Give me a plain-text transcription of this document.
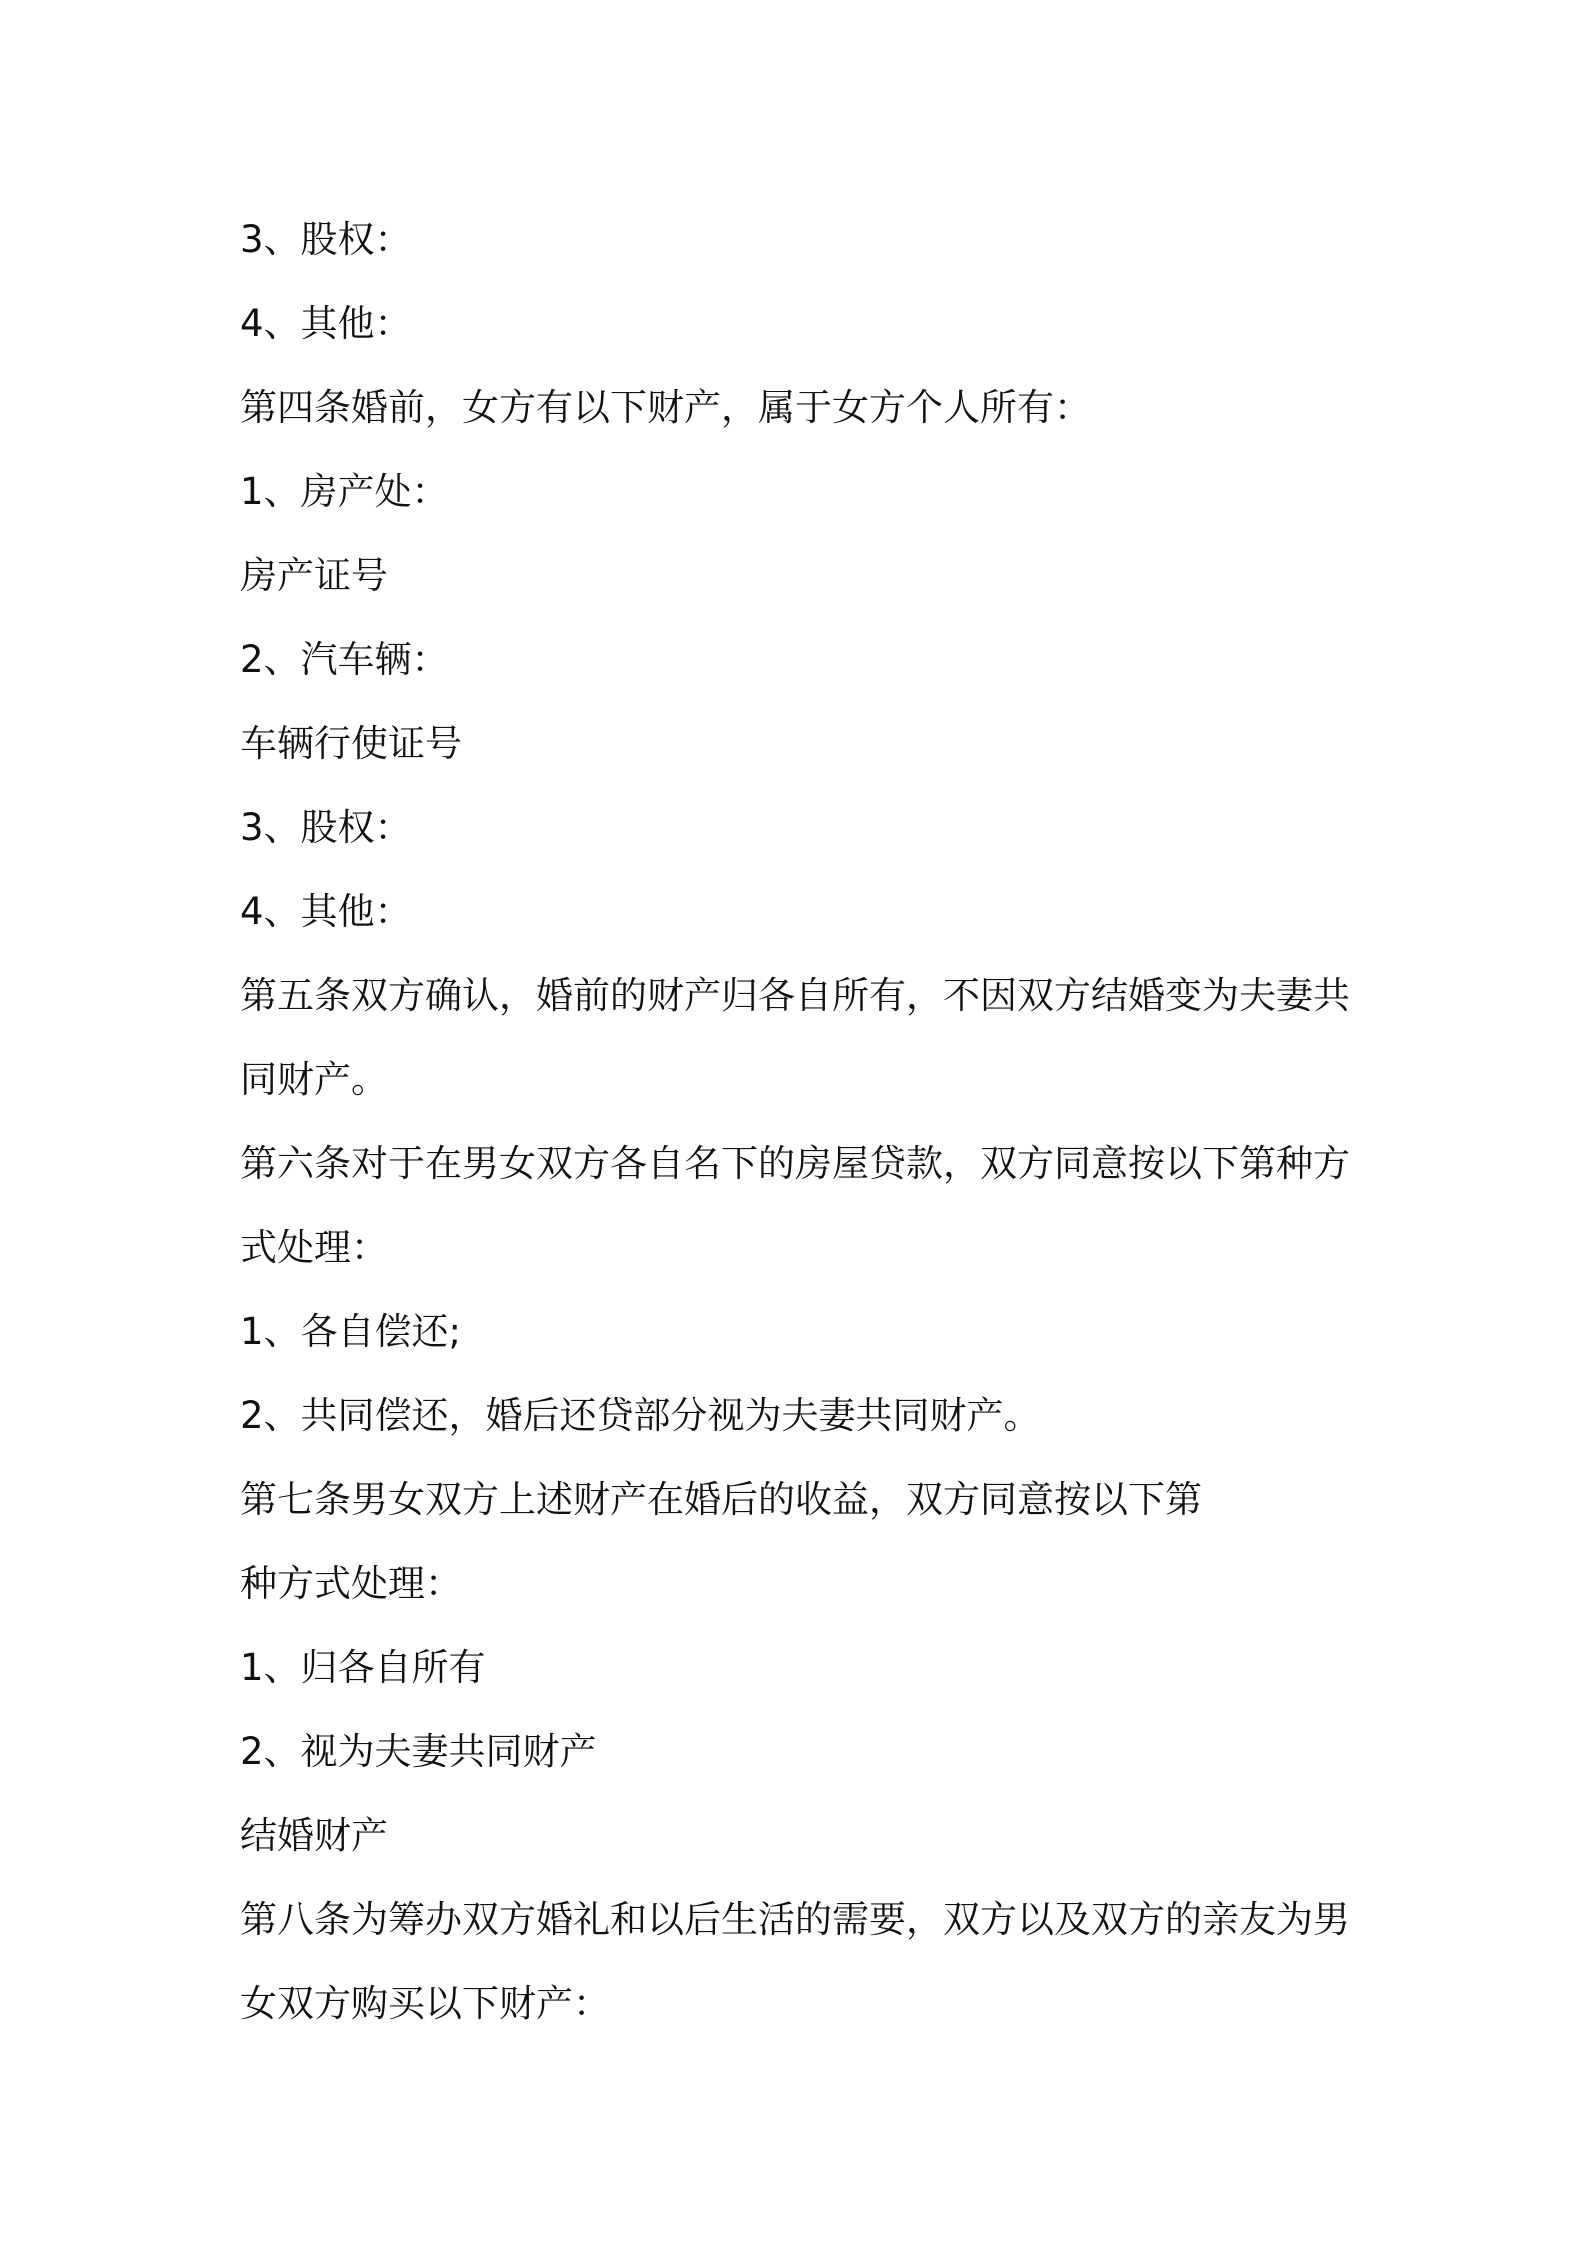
3、股权：
4、其他：
第四条婚前，女方有以下财产，属于女方个人所有：
1、房产处：
房产证号
2、汽车辆：
车辆行使证号
3、股权：
4、其他：
第五条双方确认，婚前的财产归各自所有，不因双方结婚变为夫妻共
同财产。
第六条对于在男女双方各自名下的房屋贷款，双方同意按以下第种方
式处理：
1、各自偿还;
2、共同偿还，婚后还贷部分视为夫妻共同财产。
第七条男女双方上述财产在婚后的收益，双方同意按以下第
种方式处理：
1、归各自所有
2、视为夫妻共同财产
结婚财产
第八条为筹办双方婚礼和以后生活的需要，双方以及双方的亲友为男
女双方购买以下财产：
